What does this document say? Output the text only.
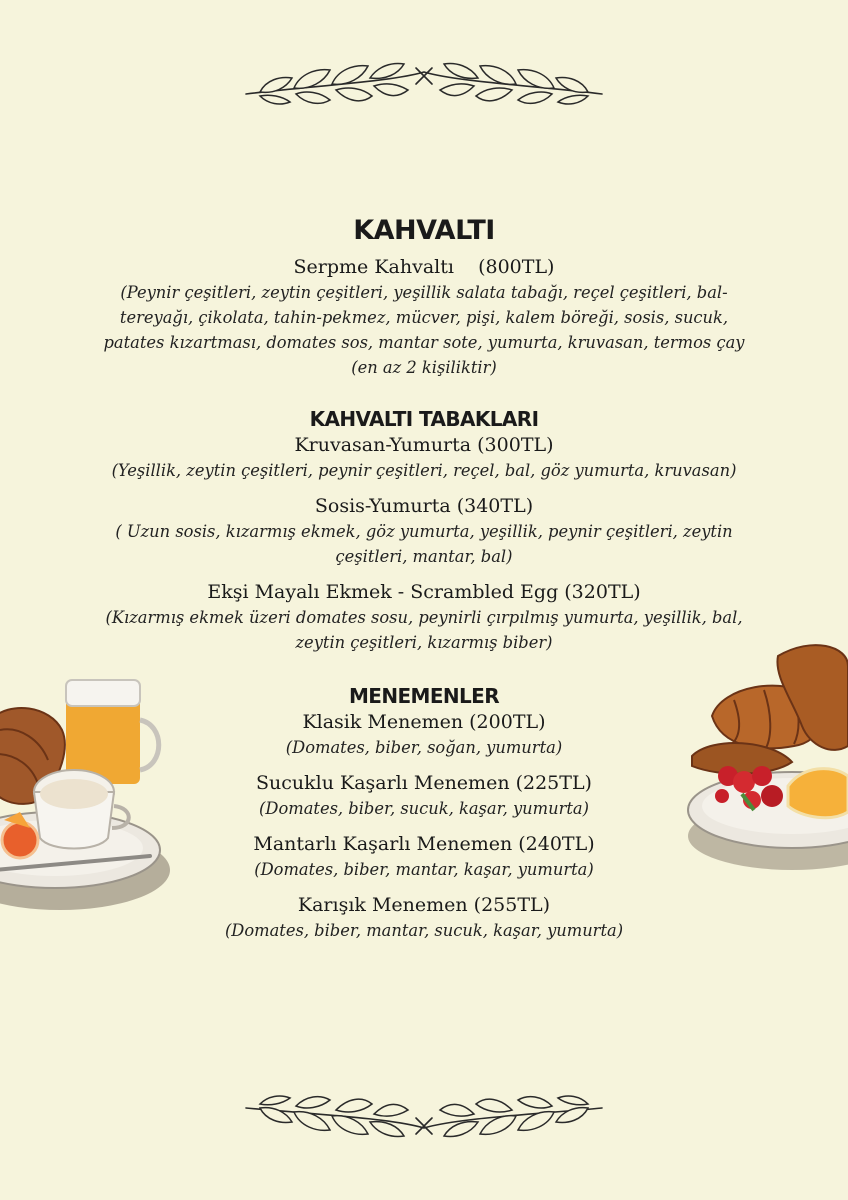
KAHVALTI

Serpme Kahvaltı    (800TL)

(Peynir çeşitleri, zeytin çeşitleri, yeşillik salata tabağı, reçel çeşitleri, bal-tereyağı, çikolata, tahin-pekmez, mücver, pişi, kalem böreği, sosis, sucuk, patates kızartması, domates sos, mantar sote, yumurta, kruvasan, termos çay (en az 2 kişiliktir)

KAHVALTI TABAKLARI

Kruvasan-Yumurta (300TL)

(Yeşillik, zeytin çeşitleri, peynir çeşitleri, reçel, bal, göz yumurta, kruvasan)

Sosis-Yumurta (340TL)

( Uzun sosis, kızarmış ekmek, göz yumurta, yeşillik, peynir çeşitleri, zeytin çeşitleri, mantar, bal)

Ekşi Mayalı Ekmek - Scrambled Egg (320TL)

(Kızarmış ekmek üzeri domates sosu, peynirli çırpılmış yumurta, yeşillik, bal, zeytin çeşitleri, kızarmış biber)

MENEMENLER

Klasik Menemen (200TL)

(Domates, biber, soğan, yumurta)

Sucuklu Kaşarlı Menemen (225TL)

(Domates, biber, sucuk, kaşar, yumurta)

Mantarlı Kaşarlı Menemen (240TL)

(Domates, biber, mantar, kaşar, yumurta)

Karışık Menemen (255TL)

(Domates, biber, mantar, sucuk, kaşar, yumurta)
